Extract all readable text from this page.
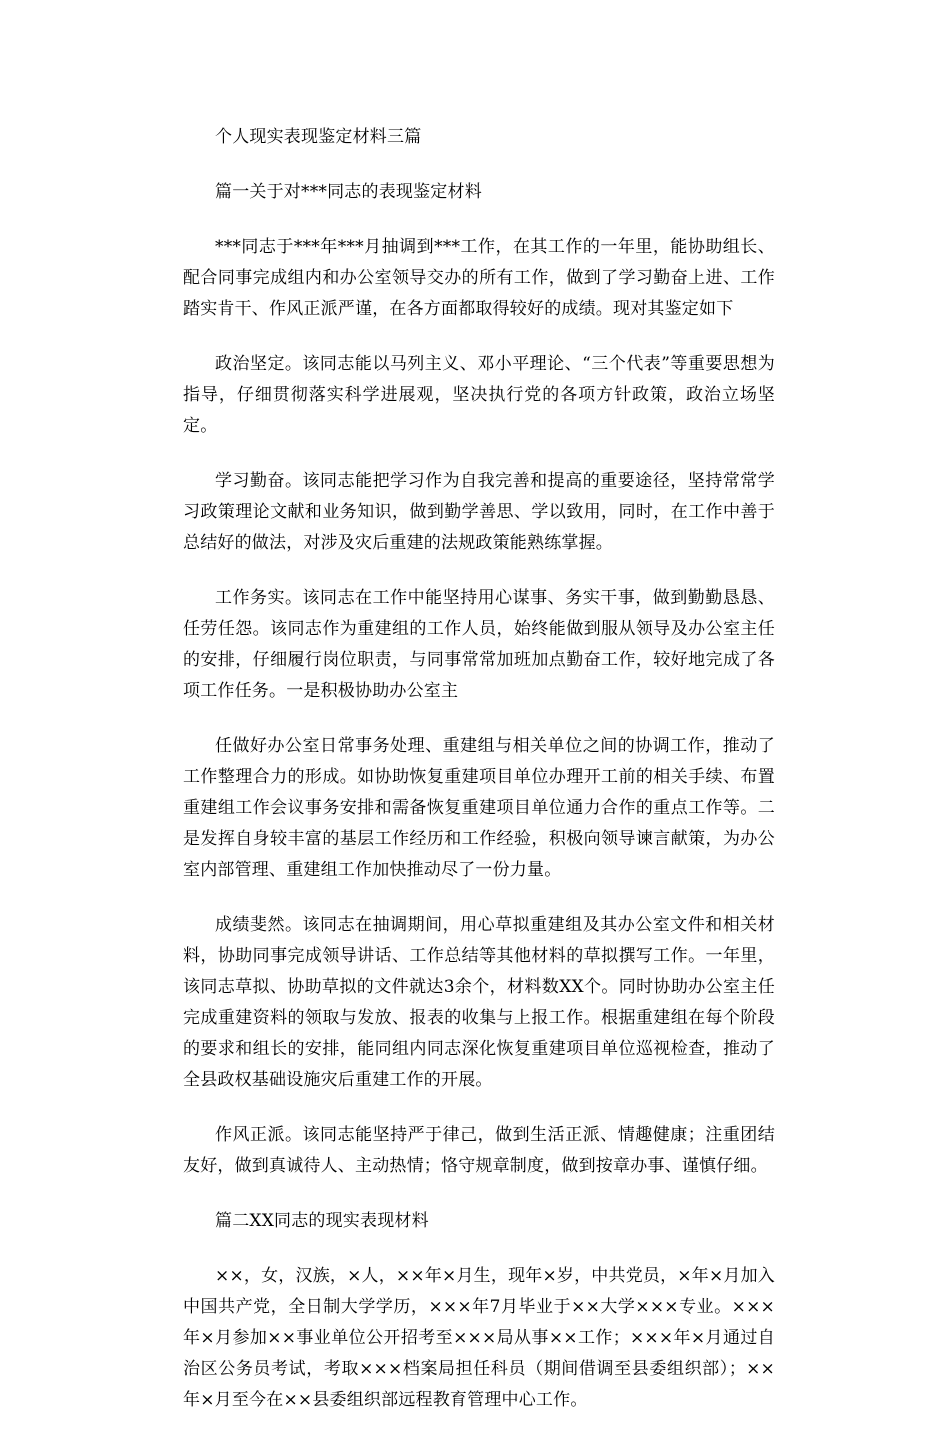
个人现实表现鉴定材料三篇

篇一关于对***同志的表现鉴定材料

***同志于***年***月抽调到***工作，在其工作的一年里，能协助组长、配合同事完成组内和办公室领导交办的所有工作，做到了学习勤奋上进、工作踏实肯干、作风正派严谨，在各方面都取得较好的成绩。现对其鉴定如下

政治坚定。该同志能以马列主义、邓小平理论、“三个代表”等重要思想为指导，仔细贯彻落实科学进展观，坚决执行党的各项方针政策，政治立场坚定。

学习勤奋。该同志能把学习作为自我完善和提高的重要途径，坚持常常学习政策理论文献和业务知识，做到勤学善思、学以致用，同时，在工作中善于总结好的做法，对涉及灾后重建的法规政策能熟练掌握。

工作务实。该同志在工作中能坚持用心谋事、务实干事，做到勤勤恳恳、任劳任怨。该同志作为重建组的工作人员，始终能做到服从领导及办公室主任的安排，仔细履行岗位职责，与同事常常加班加点勤奋工作，较好地完成了各项工作任务。一是积极协助办公室主

任做好办公室日常事务处理、重建组与相关单位之间的协调工作，推动了工作整理合力的形成。如协助恢复重建项目单位办理开工前的相关手续、布置重建组工作会议事务安排和需备恢复重建项目单位通力合作的重点工作等。二是发挥自身较丰富的基层工作经历和工作经验，积极向领导谏言献策，为办公室内部管理、重建组工作加快推动尽了一份力量。

成绩斐然。该同志在抽调期间，用心草拟重建组及其办公室文件和相关材料，协助同事完成领导讲话、工作总结等其他材料的草拟撰写工作。一年里，该同志草拟、协助草拟的文件就达3余个，材料数XX个。同时协助办公室主任完成重建资料的领取与发放、报表的收集与上报工作。根据重建组在每个阶段的要求和组长的安排，能同组内同志深化恢复重建项目单位巡视检查，推动了全县政权基础设施灾后重建工作的开展。

作风正派。该同志能坚持严于律己，做到生活正派、情趣健康；注重团结友好，做到真诚待人、主动热情；恪守规章制度，做到按章办事、谨慎仔细。

篇二XX同志的现实表现材料

××，女，汉族，×人，××年×月生，现年×岁，中共党员，×年×月加入中国共产党，全日制大学学历，×××年7月毕业于××大学×××专业。×××年×月参加××事业单位公开招考至×××局从事××工作；×××年×月通过自治区公务员考试，考取×××档案局担任科员（期间借调至县委组织部）；××年×月至今在××县委组织部远程教育管理中心工作。
